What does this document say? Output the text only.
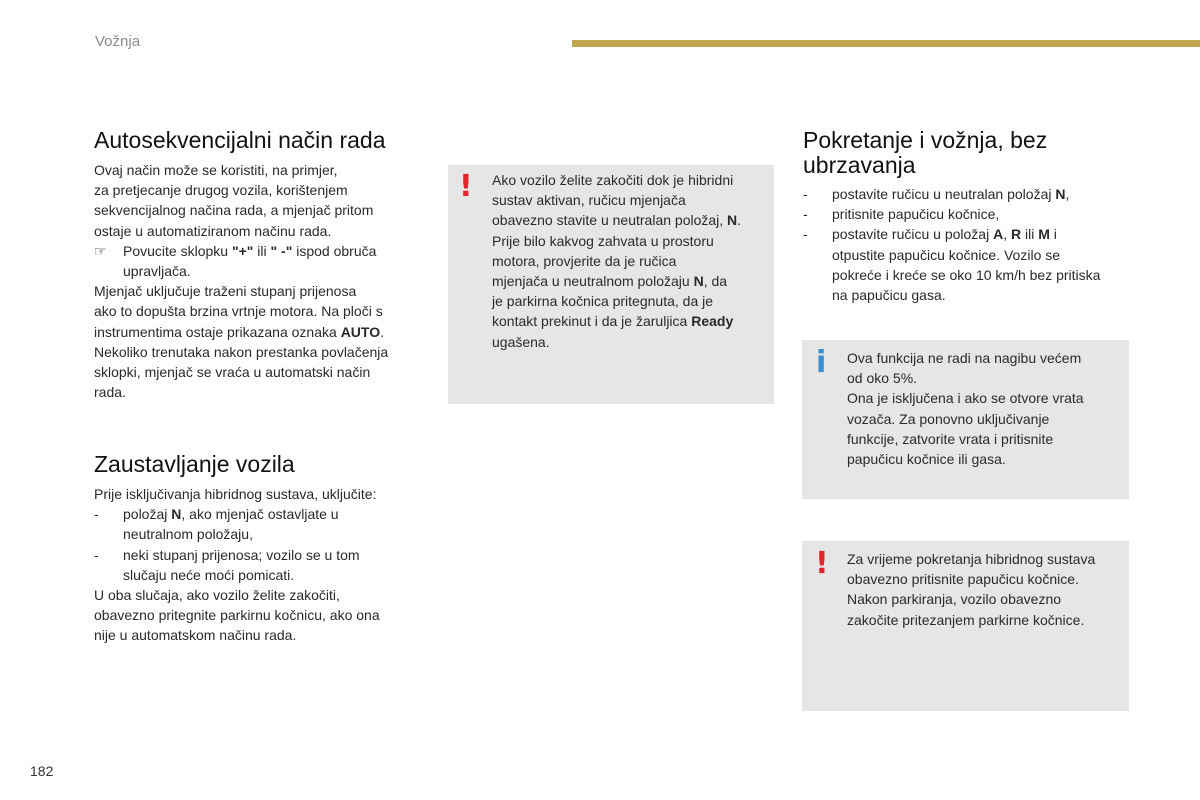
Vožnja
Autosekvencijalni način rada
Ovaj način može se koristiti, na primjer,
za pretjecanje drugog vozila, korištenjem
sekvencijalnog načina rada, a mjenjač pritom
ostaje u automatiziranom načinu rada.
☞	Povucite sklopku "+" ili " -" ispod obruča
upravljača.
Mjenjač uključuje traženi stupanj prijenosa
ako to dopušta brzina vrtnje motora. Na ploči s
instrumentima ostaje prikazana oznaka AUTO.
Nekoliko trenutaka nakon prestanka povlačenja
sklopki, mjenjač se vraća u automatski način
rada.
Zaustavljanje vozila
Prije isključivanja hibridnog sustava, uključite:
-	položaj N, ako mjenjač ostavljate u
neutralnom položaju,
-	neki stupanj prijenosa; vozilo se u tom
slučaju neće moći pomicati.
U oba slučaja, ako vozilo želite zakočiti,
obavezno pritegnite parkirnu kočnicu, ako ona
nije u automatskom načinu rada.
! Ako vozilo želite zakočiti dok je hibridni
sustav aktivan, ručicu mjenjača
obavezno stavite u neutralan položaj, N.
Prije bilo kakvog zahvata u prostoru
motora, provjerite da je ručica
mjenjača u neutralnom položaju N, da
je parkirna kočnica pritegnuta, da je
kontakt prekinut i da je žaruljica Ready
ugašena.
Pokretanje i vožnja, bez
ubrzavanja
-	postavite ručicu u neutralan položaj N,
-	pritisnite papučicu kočnice,
-	postavite ručicu u položaj A, R ili M i
otpustite papučicu kočnice. Vozilo se
pokreće i kreće se oko 10 km/h bez pritiska
na papučicu gasa.
i Ova funkcija ne radi na nagibu većem
od oko 5%.
Ona je isključena i ako se otvore vrata
vozača. Za ponovno uključivanje
funkcije, zatvorite vrata i pritisnite
papučicu kočnice ili gasa.
! Za vrijeme pokretanja hibridnog sustava
obavezno pritisnite papučicu kočnice.
Nakon parkiranja, vozilo obavezno
zakočite pritezanjem parkirne kočnice.
182
